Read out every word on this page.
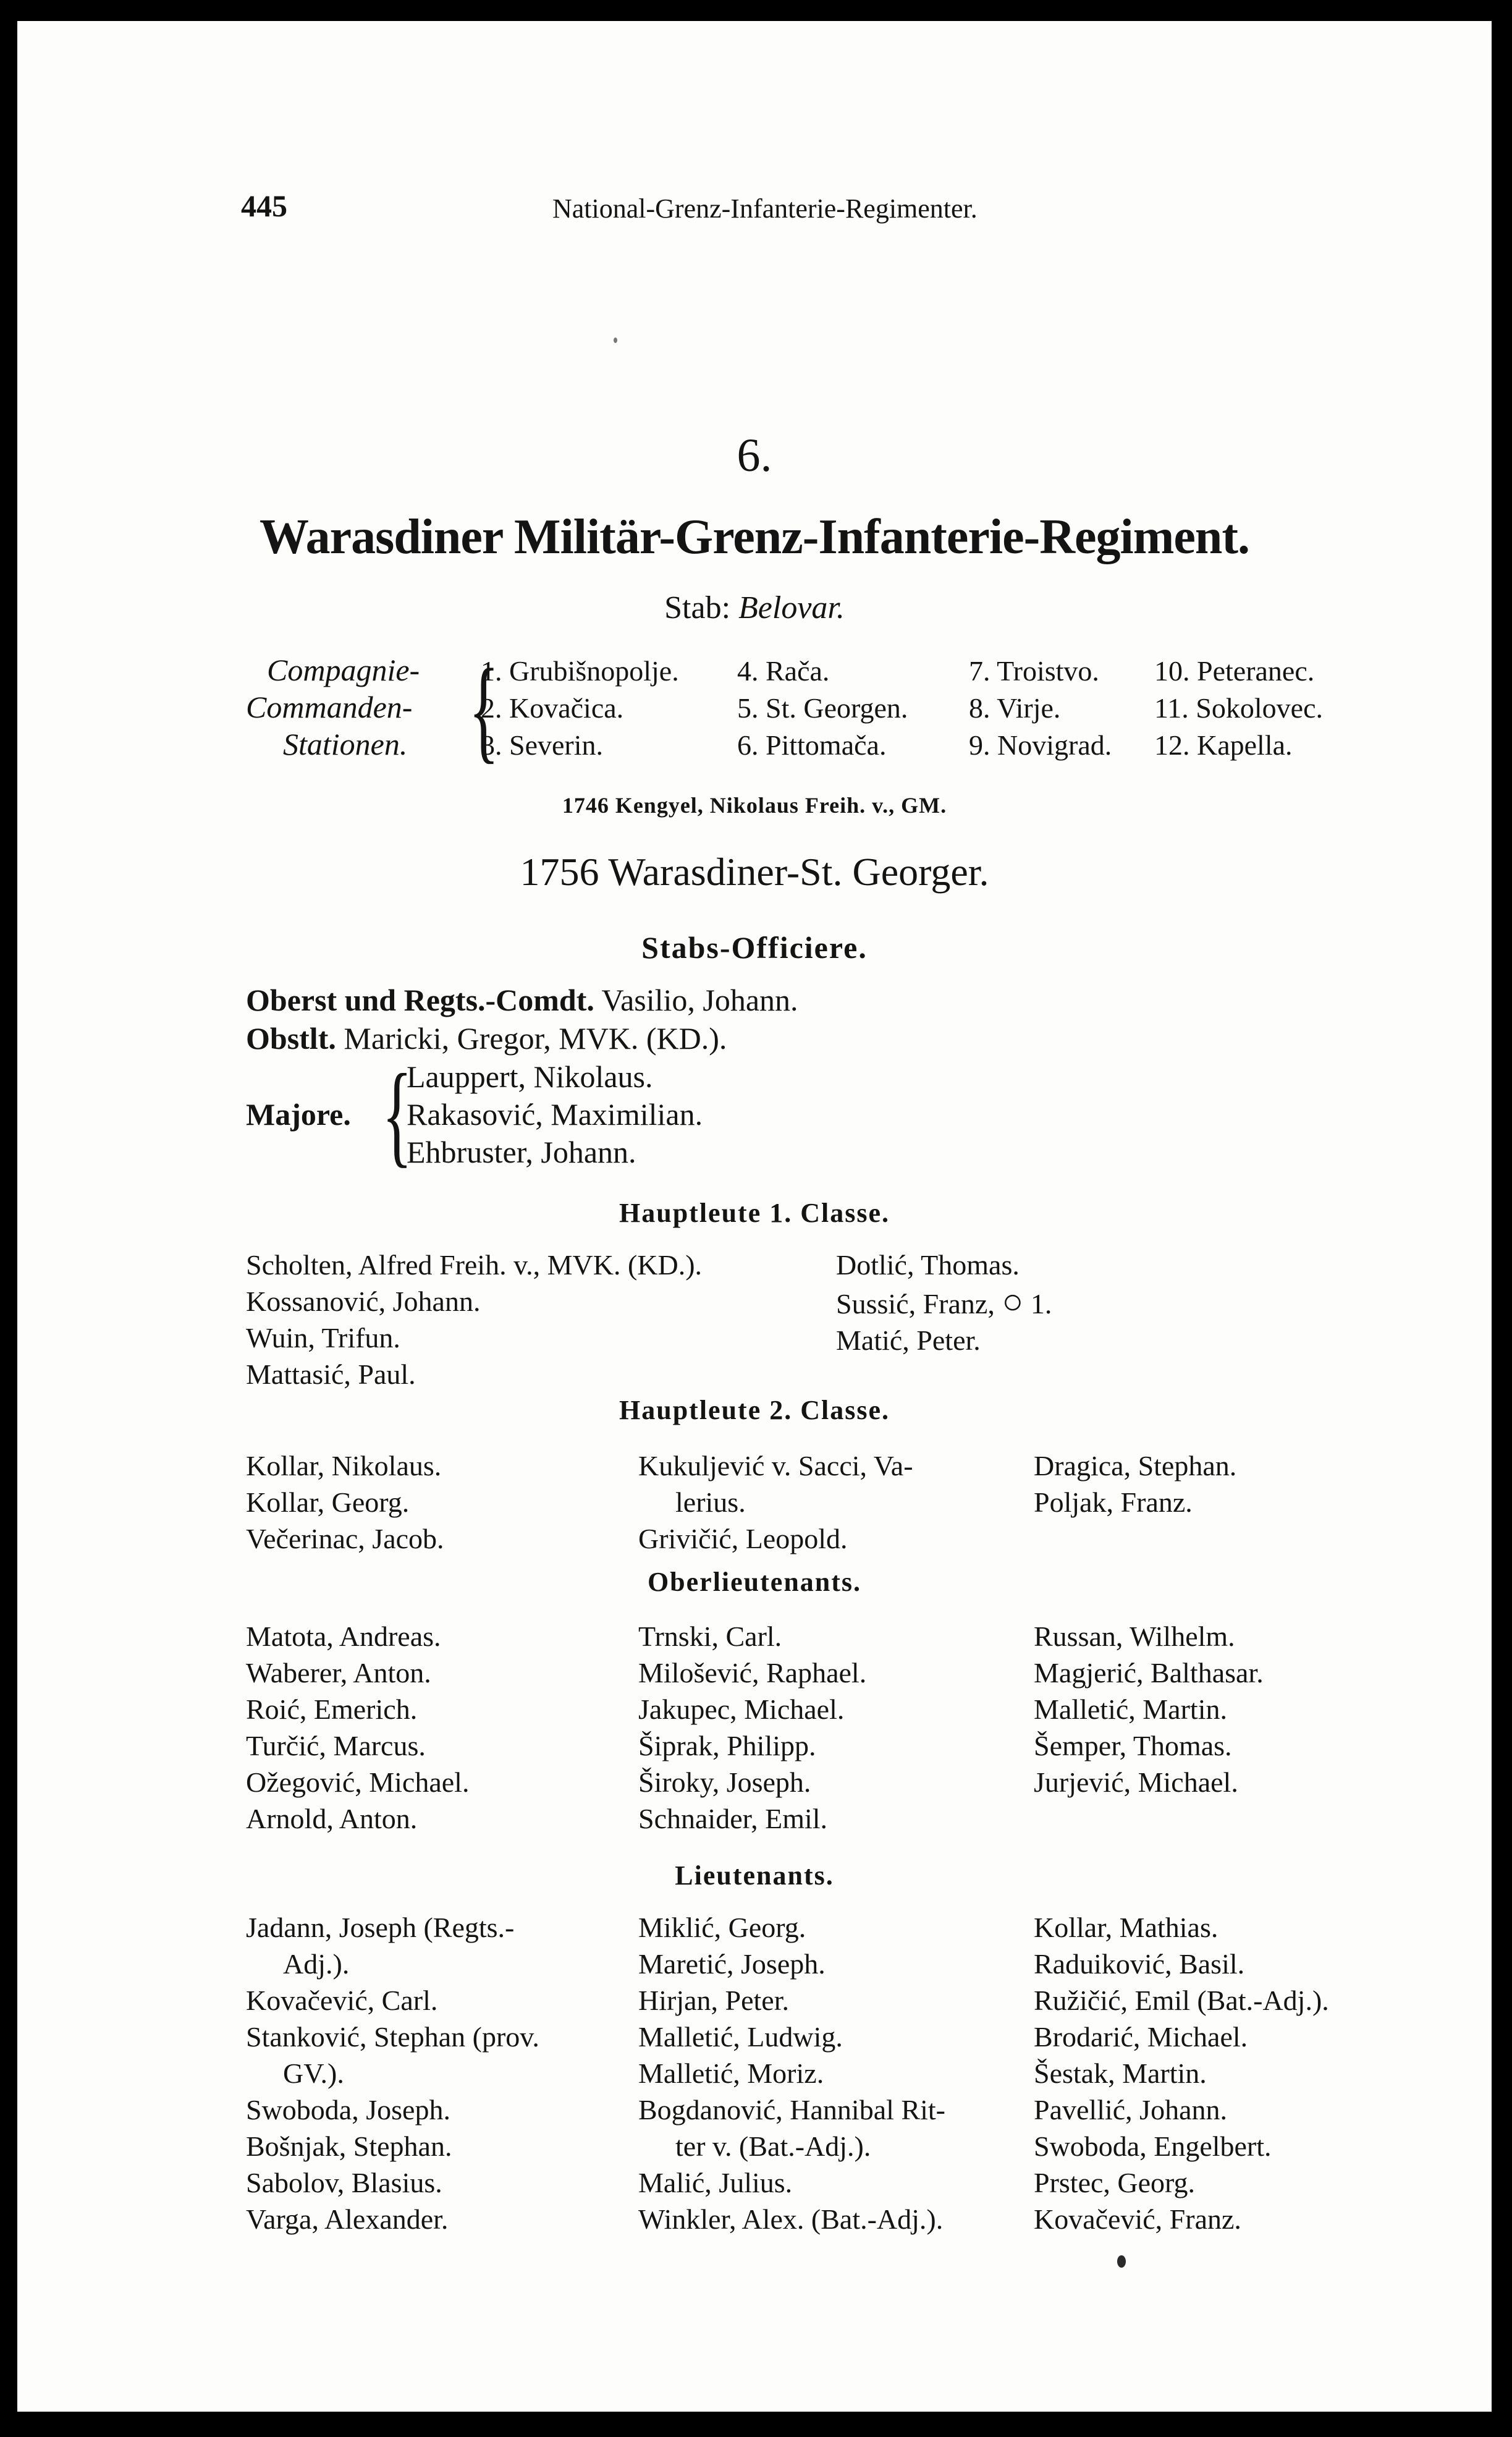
445	National-Grenz-Infanterie-Regimenter.
6.
Warasdiner Militär-Grenz-Infanterie-Regiment.
Stab: Belovar.
Compagnie-
Commanden-
Stationen. {
1. Grubišnopolje.
2. Kovačica.
3. Severin.
4. Rača.
5. St. Georgen.
6. Pittomača.
7. Troistvo.
8. Virje.
9. Novigrad.
10. Peteranec.
11. Sokolovec.
12. Kapella.
1746 Kengyel, Nikolaus Freih. v., GM.
1756 Warasdiner-St. Georger.
Stabs-Officiere.
Oberst und Regts.-Comdt. Vasilio, Johann.
Obstlt. Maricki, Gregor, MVK. (KD.).
Majore. {
Lauppert, Nikolaus.
Rakasović, Maximilian.
Ehbruster, Johann.
Hauptleute 1. Classe.
Scholten, Alfred Freih. v., MVK. (KD.).
Kossanović, Johann.
Wuin, Trifun.
Mattasić, Paul.
Dotlić, Thomas.
Sussić, Franz, ○ 1.
Matić, Peter.
Hauptleute 2. Classe.
Kollar, Nikolaus.
Kollar, Georg.
Večerinac, Jacob.
Kukuljević v. Sacci, Va-
lerius.
Grivičić, Leopold.
Dragica, Stephan.
Poljak, Franz.
Oberlieutenants.
Matota, Andreas.
Waberer, Anton.
Roić, Emerich.
Turčić, Marcus.
Ožegović, Michael.
Arnold, Anton.
Trnski, Carl.
Milošević, Raphael.
Jakupec, Michael.
Šiprak, Philipp.
Široky, Joseph.
Schnaider, Emil.
Russan, Wilhelm.
Magjerić, Balthasar.
Malletić, Martin.
Šemper, Thomas.
Jurjević, Michael.
Lieutenants.
Jadann, Joseph (Regts.-
Adj.).
Kovačević, Carl.
Stanković, Stephan (prov.
GV.).
Swoboda, Joseph.
Bošnjak, Stephan.
Sabolov, Blasius.
Varga, Alexander.
Miklić, Georg.
Maretić, Joseph.
Hirjan, Peter.
Malletić, Ludwig.
Malletić, Moriz.
Bogdanović, Hannibal Rit-
ter v. (Bat.-Adj.).
Malić, Julius.
Winkler, Alex. (Bat.-Adj.).
Kollar, Mathias.
Raduiković, Basil.
Ružičić, Emil (Bat.-Adj.).
Brodarić, Michael.
Šestak, Martin.
Pavellić, Johann.
Swoboda, Engelbert.
Prstec, Georg.
Kovačević, Franz.
